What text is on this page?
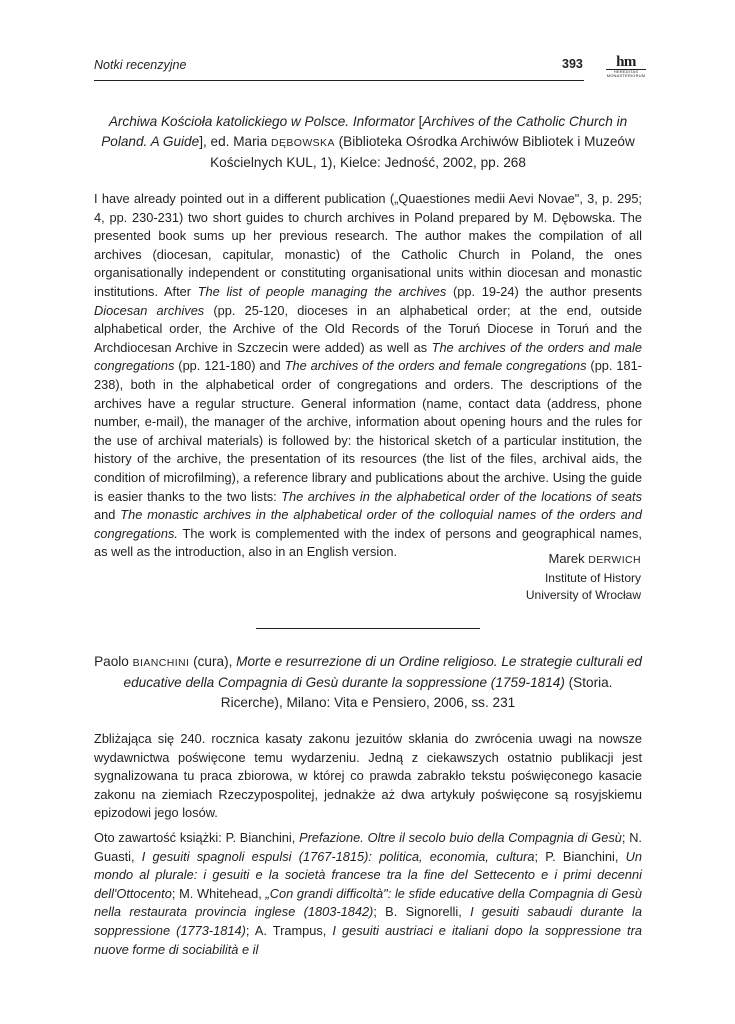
Notki recenzyjne	393	hm
HEREDITAS MONASTERIORUM
Archiwa Kościoła katolickiego w Polsce. Informator [Archives of the Catholic Church in Poland. A Guide], ed. Maria DĘBOWSKA (Biblioteka Ośrodka Archiwów Bibliotek i Muzeów Kościelnych KUL, 1), Kielce: Jedność, 2002, pp. 268

I have already pointed out in a different publication („Quaestiones medii Aevi Novae", 3, p. 295; 4, pp. 230-231) two short guides to church archives in Poland prepared by M. Dębowska. The presented book sums up her previous research. The author makes the compilation of all archives (diocesan, capitular, monastic) of the Catholic Church in Poland, the ones organisationally independent or constituting organisational units within diocesan and monastic institutions. After The list of people managing the archives (pp. 19-24) the author presents Diocesan archives (pp. 25-120, dioceses in an alphabetical order; at the end, outside alphabetical order, the Archive of the Old Records of the Toruń Diocese in Toruń and the Archdiocesan Archive in Szczecin were added) as well as The archives of the orders and male congregations (pp. 121-180) and The archives of the orders and female congregations (pp. 181-238), both in the alphabetical order of congregations and orders. The descriptions of the archives have a regular structure. General information (name, contact data (address, phone number, e-mail), the manager of the archive, information about opening hours and the rules for the use of archival materials) is followed by: the historical sketch of a particular institution, the history of the archive, the presentation of its resources (the list of the files, archival aids, the condition of microfilming), a reference library and publications about the archive. Using the guide is easier thanks to the two lists: The archives in the alphabetical order of the locations of seats and The monastic archives in the alphabetical order of the colloquial names of the orders and congregations. The work is complemented with the index of persons and geographical names, as well as the introduction, also in an English version.	Marek DERWICH
Institute of History
University of Wrocław
Paolo BIANCHINI (cura), Morte e resurrezione di un Ordine religioso. Le strategie culturali ed educative della Compagnia di Gesù durante la soppressione (1759-1814) (Storia. Ricerche), Milano: Vita e Pensiero, 2006, ss. 231

Zbliżająca się 240. rocznica kasaty zakonu jezuitów skłania do zwrócenia uwagi na nowsze wydawnictwa poświęcone temu wydarzeniu. Jedną z ciekawszych ostatnio publikacji jest sygnalizowana tu praca zbiorowa, w której co prawda zabrakło tekstu poświęconego kasacie zakonu na ziemiach Rzeczypospolitej, jednakże aż dwa artykuły poświęcone są rosyjskiemu epizodowi jego losów.

Oto zawartość książki: P. Bianchini, Prefazione. Oltre il secolo buio della Compagnia di Gesù; N. Guasti, I gesuiti spagnoli espulsi (1767-1815): politica, economia, cultura; P. Bianchini, Un mondo al plurale: i gesuiti e la società francese tra la fine del Settecento e i primi decenni dell'Ottocento; M. Whitehead, „Con grandi difficoltà": le sfide educative della Compagnia di Gesù nella restaurata provincia inglese (1803-1842); B. Signorelli, I gesuiti sabaudi durante la soppressione (1773-1814); A. Trampus, I gesuiti austriaci e italiani dopo la soppressione tra nuove forme di sociabilità e il
